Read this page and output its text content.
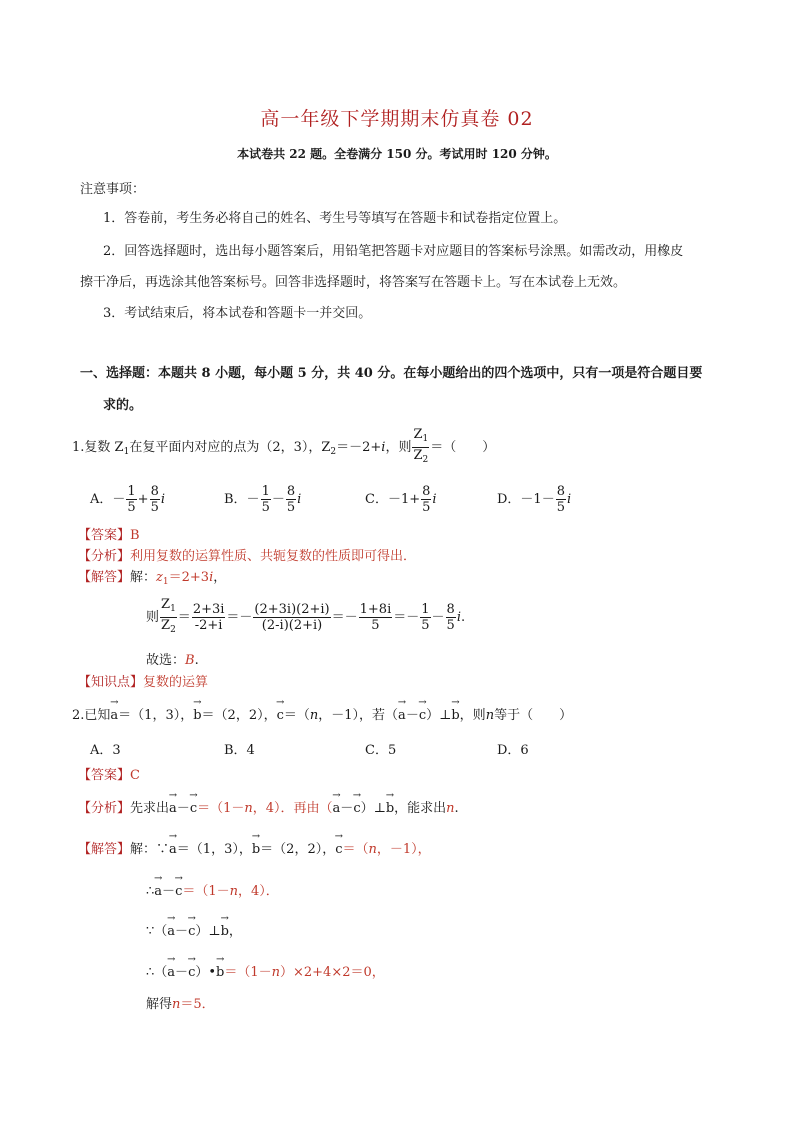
高一年级下学期期末仿真卷 02
本试卷共 22 题。全卷满分 150 分。考试用时 120 分钟。
注意事项：
1．答卷前，考生务必将自己的姓名、考生号等填写在答题卡和试卷指定位置上。
2．回答选择题时，选出每小题答案后，用铅笔把答题卡对应题目的答案标号涂黑。如需改动，用橡皮
擦干净后，再选涂其他答案标号。回答非选择题时，将答案写在答题卡上。写在本试卷上无效。
3．考试结束后，将本试卷和答题卡一并交回。
一、选择题：本题共 8 小题，每小题 5 分，共 40 分。在每小题给出的四个选项中，只有一项是符合题目要
求的。
1.复数 $Z_1$在复平面内对应的点为（2，3），$Z_2=-2+i$，则 $\frac{Z_1}{Z_2}$ ＝（　　）
A．－ $\frac{1}{5} + \frac{8}{5}$ i	B．－ $\frac{1}{5} - \frac{8}{5}$ i	C．$-1+ \frac{8}{5}$ i	D．$-1- \frac{8}{5}$ i
【答案】B
【分析】利用复数的运算性质、共轭复数的性质即可得出．
【解答】解：$z_1=2+3i$，
则 $\frac{Z_1}{Z_2} = \frac{2+3i}{-2+i} =- \frac{(2+3i)(2+i)}{(2-i)(2+i)} =- \frac{1+8i}{5} =- \frac{1}{5} - \frac{8}{5} i$.
故选：B.
【知识点】复数的运算
2.已知→ a＝（1，3），→ b＝（2，2），→ c＝（n，－1），若（→ a－→ c）⊥→ b，则n等于（　　）
A．3	B．4	C．5	D．6
【答案】C
【分析】先求出→ a－→ c＝（1－n，4）．再由（→ a－→ c）⊥→ b，能求出n.
【解答】解：∵→ a＝（1，3），→ b＝（2，2），→ c＝（n，－1），
∴→ a－→ c＝（1－n，4）．
∵（→ a－→ c）⊥→ b，
∴（→ a－→ c）•→ b＝（1－n）×2+4×2＝0，
解得n＝5．
